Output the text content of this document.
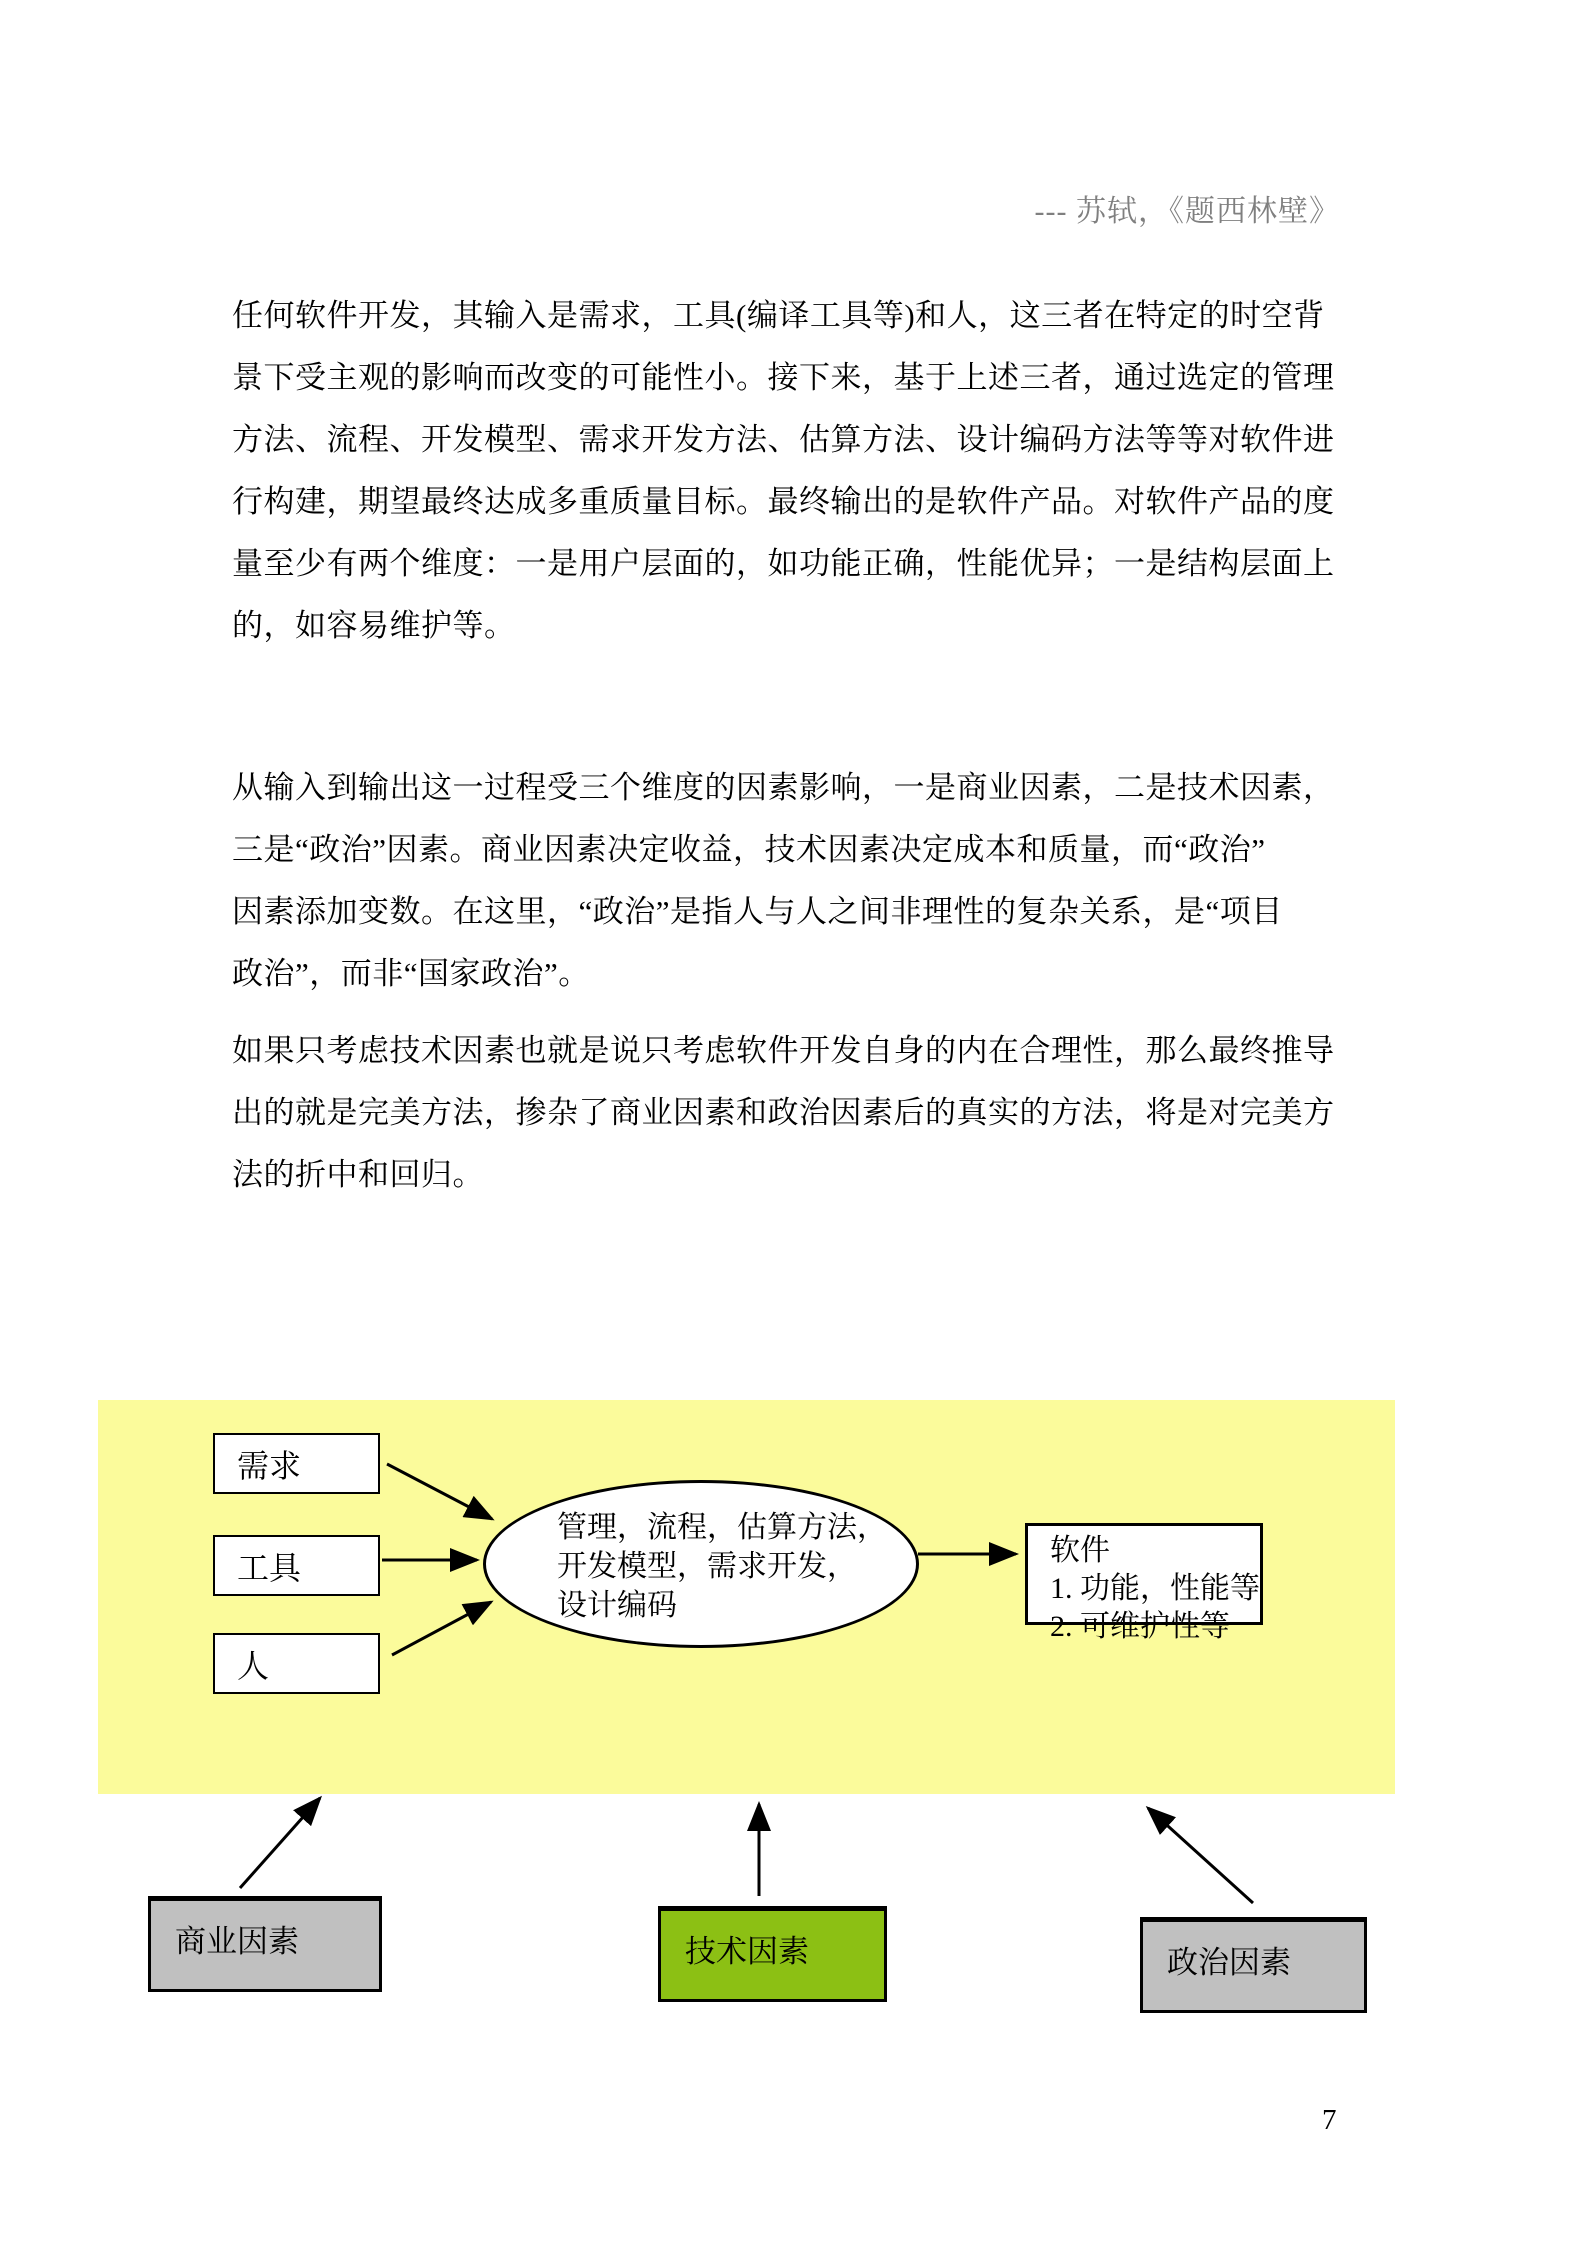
--- 苏轼，《题西林壁》
任何软件开发，其输入是需求，工具(编译工具等)和人，这三者在特定的时空背
景下受主观的影响而改变的可能性小。接下来，基于上述三者，通过选定的管理
方法、流程、开发模型、需求开发方法、估算方法、设计编码方法等等对软件进
行构建，期望最终达成多重质量目标。最终输出的是软件产品。对软件产品的度
量至少有两个维度：一是用户层面的，如功能正确，性能优异；一是结构层面上
的，如容易维护等。
从输入到输出这一过程受三个维度的因素影响，一是商业因素，二是技术因素，
三是“政治”因素。商业因素决定收益，技术因素决定成本和质量，而“政治”
因素添加变数。在这里，“政治”是指人与人之间非理性的复杂关系，是“项目
政治”，而非“国家政治”。
如果只考虑技术因素也就是说只考虑软件开发自身的内在合理性，那么最终推导
出的就是完美方法，掺杂了商业因素和政治因素后的真实的方法，将是对完美方
法的折中和回归。
需求
工具
人
管理，流程，估算方法，
开发模型，需求开发，
设计编码
软件
1. 功能，性能等
2. 可维护性等
商业因素	技术因素	政治因素
7
